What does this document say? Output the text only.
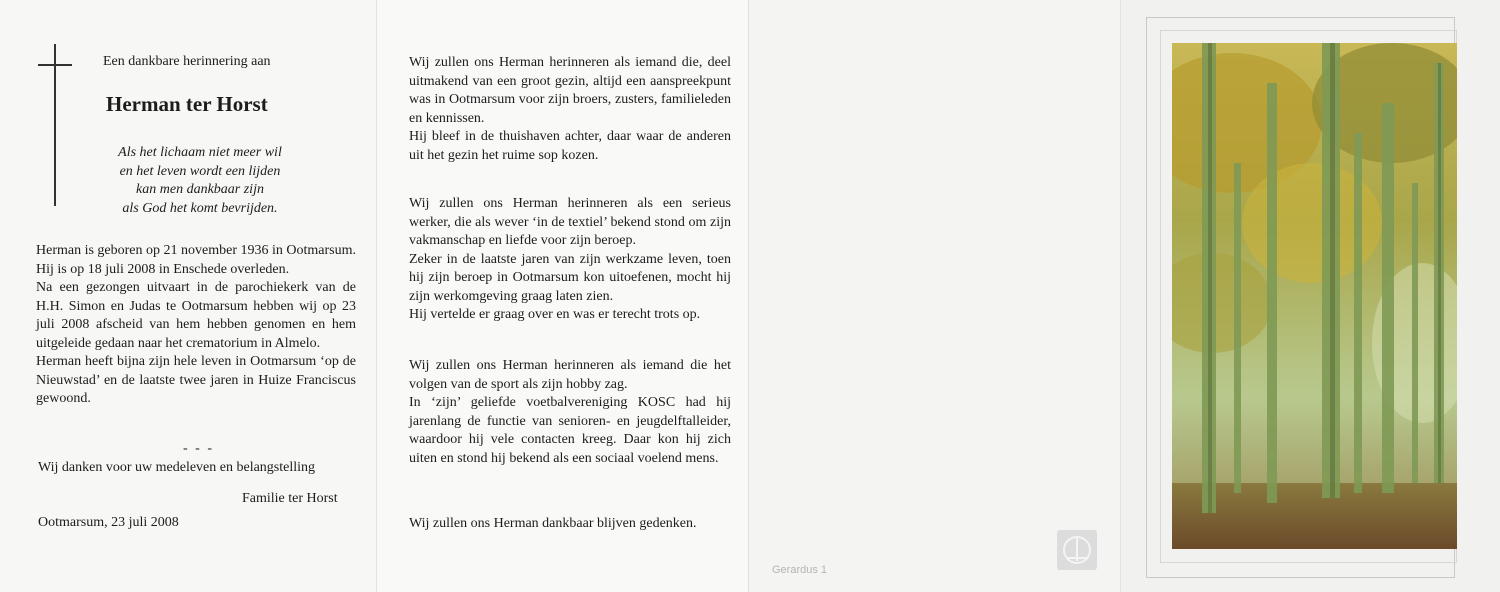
Een dankbare herinnering aan
Herman ter Horst
Als het lichaam niet meer wil
en het leven wordt een lijden
kan men dankbaar zijn
als God het komt bevrijden.

Herman is geboren op 21 november 1936 in Ootmarsum.

Hij is op 18 juli 2008 in Enschede overleden.

Na een gezongen uitvaart in de parochiekerk van de H.H. Simon en Judas te Ootmarsum hebben wij op 23 juli 2008 afscheid van hem hebben genomen en hem uitgeleide gedaan naar het crematorium in Almelo.

Herman heeft bijna zijn hele leven in Ootmarsum ‘op de Nieuwstad’ en de laatste twee jaren in Huize Franciscus gewoond.

- - -
Wij danken voor uw medeleven en belangstelling
Familie ter Horst
Ootmarsum, 23 juli 2008

Wij zullen ons Herman herinneren als iemand die, deel uitmakend van een groot gezin, altijd een aanspreekpunt was in Ootmarsum voor zijn broers, zusters, familieleden en kennissen.

Hij bleef in de thuishaven achter, daar waar de anderen uit het gezin het ruime sop kozen.

Wij zullen ons Herman herinneren als een serieus werker, die als wever ‘in de textiel’ bekend stond om zijn vakmanschap en liefde voor zijn beroep.

Zeker in de laatste jaren van zijn werkzame leven, toen hij zijn beroep in Ootmarsum kon uitoefenen, mocht hij zijn werkomgeving graag laten zien.

Hij vertelde er graag over en was er terecht trots op.

Wij zullen ons Herman herinneren als iemand die het volgen van de sport als zijn hobby zag.

In ‘zijn’ geliefde voetbalvereniging KOSC had hij jarenlang de functie van senioren- en jeugdelftalleider, waardoor hij vele contacten kreeg. Daar kon hij zich uiten en stond hij bekend als een sociaal voelend mens.

Wij zullen ons Herman dankbaar blijven gedenken.
Gerardus 1
